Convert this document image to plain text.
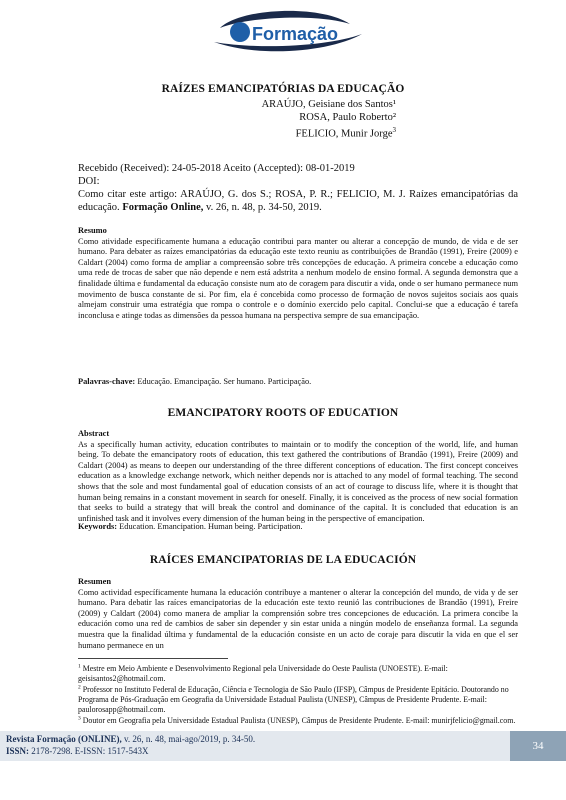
Formação
RAÍZES EMANCIPATÓRIAS DA EDUCAÇÃO
ARAÚJO, Geisiane dos Santos¹
ROSA, Paulo Roberto²
FELICIO, Munir Jorge$^3$
Recebido (Received): 24-05-2018 Aceito (Accepted): 08-01-2019
DOI:
Como citar este artigo: ARAÚJO, G. dos S.; ROSA, P. R.; FELICIO, M. J. Raízes emancipatórias da educação. Formação Online, v. 26, n. 48, p. 34-50, 2019.
Resumo
Como atividade especificamente humana a educação contribui para manter ou alterar a concepção de mundo, de vida e de ser humano. Para debater as raízes emancipatórias da educação este texto reuniu as contribuições de Brandão (1991), Freire (2009) e Caldart (2004) como forma de ampliar a compreensão sobre três concepções de educação. A primeira concebe a educação como uma rede de trocas de saber que não depende e nem está adstrita a nenhum modelo de ensino formal. A segunda demonstra que a finalidade última e fundamental da educação consiste num ato de coragem para discutir a vida, onde o ser humano permanece num movimento de busca constante de si. Por fim, ela é concebida como processo de formação de novos sujeitos sociais aos quais almejam construir uma estratégia que rompa o controle e o domínio exercido pelo capital. Conclui-se que a educação é tarefa inconclusa e atinge todas as dimensões da pessoa humana na perspectiva sempre de sua emancipação.
Palavras-chave: Educação. Emancipação. Ser humano. Participação.
EMANCIPATORY ROOTS OF EDUCATION
Abstract
As a specifically human activity, education contributes to maintain or to modify the conception of the world, life, and human being. To debate the emancipatory roots of education, this text gathered the contributions of Brandão (1991), Freire (2009) and Caldart (2004) as means to deepen our understanding of the three different conceptions of education. The first concept conceives education as a knowledge exchange network, which neither depends nor is attached to any model of formal teaching. The second shows that the sole and most fundamental goal of education consists of an act of courage to discuss life, where it is thought that human being remains in a constant movement in search for oneself. Finally, it is conceived as the process of new social formation that seeks to build a strategy that will break the control and dominance of the capital. It is concluded that education is an unfinished task and it involves every dimension of the human being in the perspective of emancipation.
Keywords: Education. Emancipation. Human being. Participation.
RAÍCES EMANCIPATORIAS DE LA EDUCACIÓN
Resumen
Como actividad específicamente humana la educación contribuye a mantener o alterar la concepción del mundo, de vida y de ser humano. Para debatir las raíces emancipatorias de la educación este texto reunió las contribuciones de Brandão (1991), Freire (2009) y Caldart (2004) como manera de ampliar la comprensión sobre tres concepciones de educación. La primera concibe la educación como una red de cambios de saber sin depender y sin estar unida a ningún modelo de enseñanza formal. La segunda muestra que la finalidad última y fundamental de la educación consiste en un acto de coraje para discutir la vida en que el ser humano permanece en un
$^1$ Mestre em Meio Ambiente e Desenvolvimento Regional pela Universidade do Oeste Paulista (UNOESTE). E-mail: geisisantos2@hotmail.com.
$^2$ Professor no Instituto Federal de Educação, Ciência e Tecnologia de São Paulo (IFSP), Câmpus de Presidente Epitácio. Doutorando no Programa de Pós-Graduação em Geografia da Universidade Estadual Paulista (UNESP), Câmpus de Presidente Prudente. E-mail: paulorosapp@hotmail.com.
$^3$ Doutor em Geografia pela Universidade Estadual Paulista (UNESP), Câmpus de Presidente Prudente. E-mail: munirjfelicio@gmail.com.
Revista Formação (ONLINE), v. 26, n. 48, mai-ago/2019, p. 34-50.
ISSN: 2178-7298. E-ISSN: 1517-543X	34
